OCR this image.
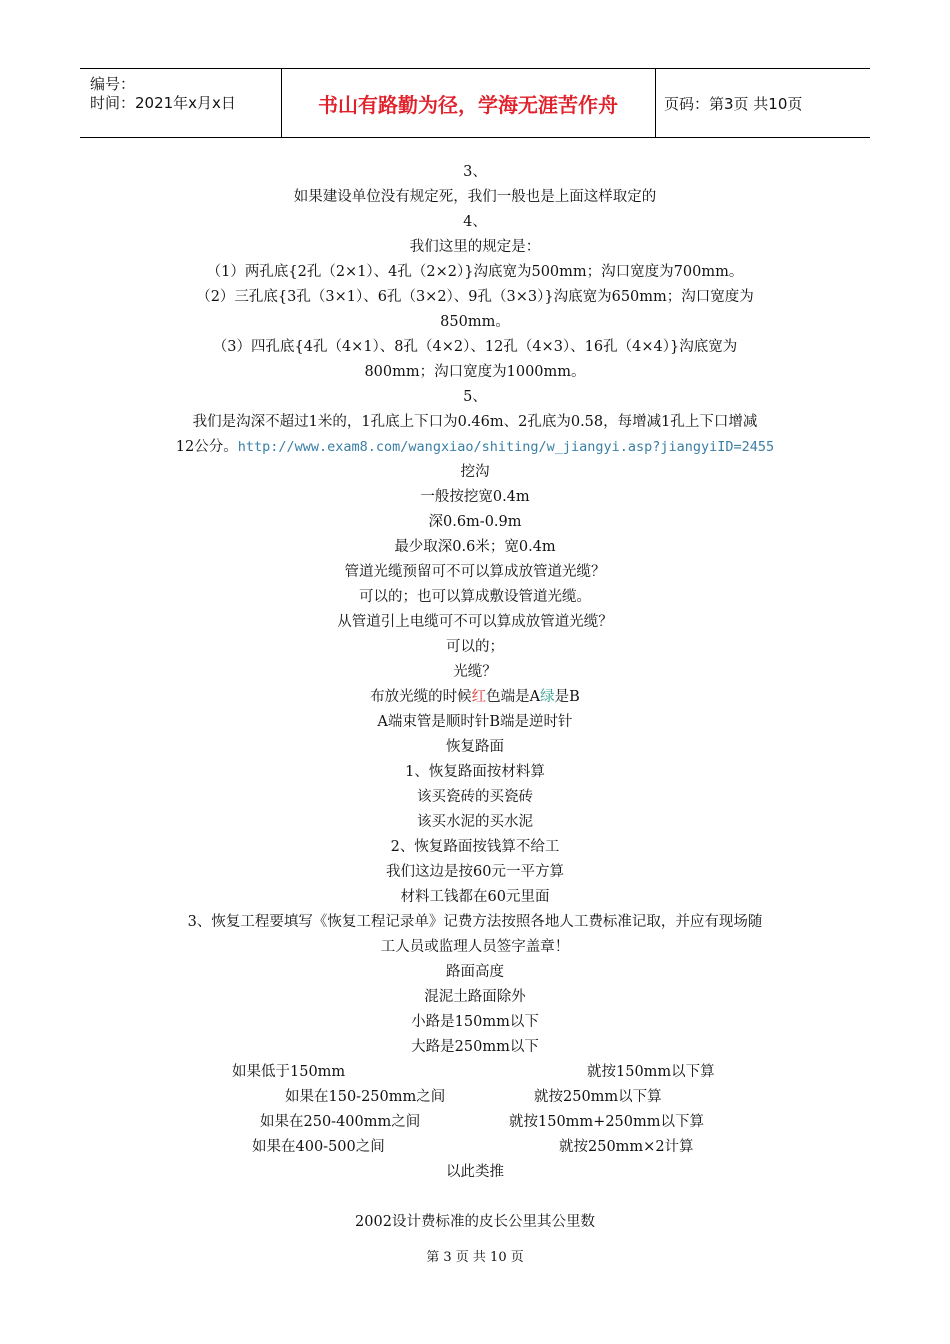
编号：
时间：2021年x月x日	书山有路勤为径，学海无涯苦作舟	页码：第3页 共10页
3、
如果建设单位没有规定死，我们一般也是上面这样取定的
4、
我们这里的规定是：
（1）两孔底{2孔（2×1）、4孔（2×2）}沟底宽为500mm；沟口宽度为700mm。
（2）三孔底{3孔（3×1）、6孔（3×2）、9孔（3×3）}沟底宽为650mm；沟口宽度为
850mm。
（3）四孔底{4孔（4×1）、8孔（4×2）、12孔（4×3）、16孔（4×4）}沟底宽为
800mm；沟口宽度为1000mm。
5、
我们是沟深不超过1米的，1孔底上下口为0.46m、2孔底为0.58，每增减1孔上下口增减
12公分。http://www.exam8.com/wangxiao/shiting/w_jiangyi.asp?jiangyiID=2455
挖沟
一般按挖宽0.4m
深0.6m-0.9m
最少取深0.6米；宽0.4m
管道光缆预留可不可以算成放管道光缆？
可以的；也可以算成敷设管道光缆。
从管道引上电缆可不可以算成放管道光缆？
可以的；
光缆？
布放光缆的时候红色端是A绿是B
A端束管是顺时针B端是逆时针
恢复路面
1、恢复路面按材料算
该买瓷砖的买瓷砖
该买水泥的买水泥
2、恢复路面按钱算不给工
我们这边是按60元一平方算
材料工钱都在60元里面
3、恢复工程要填写《恢复工程记录单》记费方法按照各地人工费标准记取，并应有现场随
工人员或监理人员签字盖章！
路面高度
混泥土路面除外
小路是150mm以下
大路是250mm以下
如果低于150mm	就按150mm以下算
如果在150-250mm之间	就按250mm以下算
如果在250-400mm之间	就按150mm+250mm以下算
如果在400-500之间	就按250mm×2计算
以此类推
2002设计费标准的皮长公里其公里数
第 3 页 共 10 页
